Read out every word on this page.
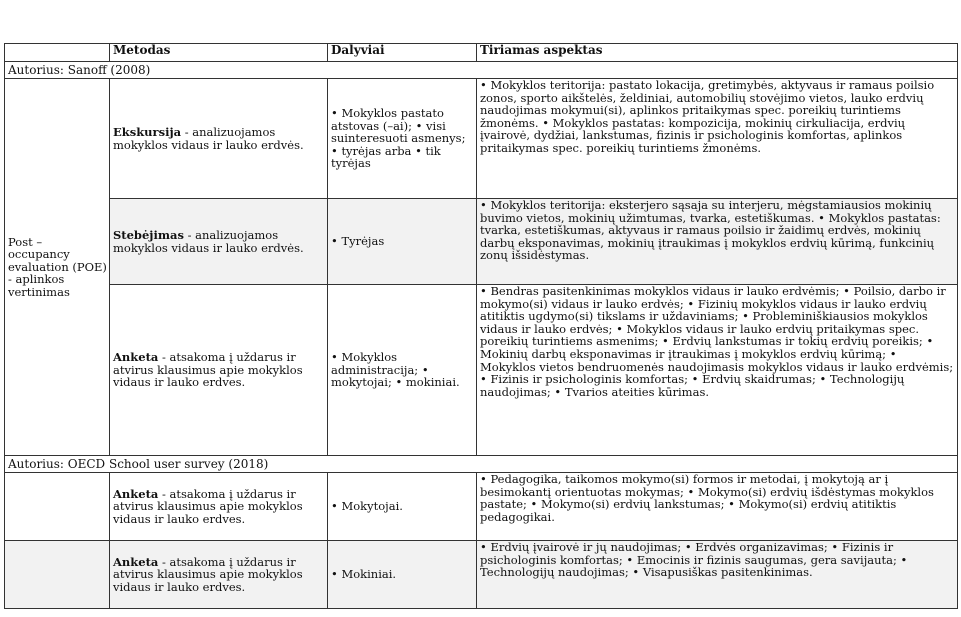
	Metodas	Dalyviai	Tiriamas aspektas
Autorius: Sanoff (2008)			
Post – occupancy evaluation (POE) - aplinkos vertinimas	Ekskursija - analizuojamos mokyklos vidaus ir lauko erdvės.	• Mokyklos pastato atstovas (–ai); • visi suinteresuoti asmenys; • tyrėjas arba • tik tyrėjas	• Mokyklos teritorija: pastato lokacija, gretimybės, aktyvaus ir ramaus poilsio zonos, sporto aikštelės, želdiniai, automobilių stovėjimo vietos, lauko erdvių naudojimas mokymui(si), aplinkos pritaikymas spec. poreikių turintiems žmonėms. • Mokyklos pastatas: kompozicija, mokinių cirkuliacija, erdvių įvairovė, dydžiai, lankstumas, fizinis ir psichologinis komfortas, aplinkos pritaikymas spec. poreikių turintiems žmonėms.
	Stebėjimas - analizuojamos mokyklos vidaus ir lauko erdvės.	• Tyrėjas	• Mokyklos teritorija: eksterjero sąsaja su interjeru, mėgstamiausios mokinių buvimo vietos, mokinių užimtumas, tvarka, estetiškumas. • Mokyklos pastatas: tvarka, estetiškumas, aktyvaus ir ramaus poilsio ir žaidimų erdvės, mokinių darbų eksponavimas, mokinių įtraukimas į mokyklos erdvių kūrimą, funkcinių zonų išsidėstymas.
	Anketa - atsakoma į uždarus ir atvirus klausimus apie mokyklos vidaus ir lauko erdves.	• Mokyklos administracija; • mokytojai; • mokiniai.	• Bendras pasitenkinimas mokyklos vidaus ir lauko erdvėmis; • Poilsio, darbo ir mokymo(si) vidaus ir lauko erdvės; • Fizinių mokyklos vidaus ir lauko erdvių atitiktis ugdymo(si) tikslams ir uždaviniams; • Probleminiškiausios mokyklos vidaus ir lauko erdvės; • Mokyklos vidaus ir lauko erdvių pritaikymas spec. poreikių turintiems asmenims; • Erdvių lankstumas ir tokių erdvių poreikis; • Mokinių darbų eksponavimas ir įtraukimas į mokyklos erdvių kūrimą; • Mokyklos vietos bendruomenės naudojimasis mokyklos vidaus ir lauko erdvėmis; • Fizinis ir psichologinis komfortas; • Erdvių skaidrumas; • Technologijų naudojimas; • Tvarios ateities kūrimas.
Autorius: OECD School user survey (2018)			
	Anketa - atsakoma į uždarus ir atvirus klausimus apie mokyklos vidaus ir lauko erdves.	• Mokytojai.	• Pedagogika, taikomos mokymo(si) formos ir metodai, į mokytoją ar į besimokantį orientuotas mokymas; • Mokymo(si) erdvių išdėstymas mokyklos pastate; • Mokymo(si) erdvių lankstumas; • Mokymo(si) erdvių atitiktis pedagogikai.
	Anketa - atsakoma į uždarus ir atvirus klausimus apie mokyklos vidaus ir lauko erdves.	• Mokiniai.	• Erdvių įvairovė ir jų naudojimas; • Erdvės organizavimas; • Fizinis ir psichologinis komfortas; • Emocinis ir fizinis saugumas, gera savijauta; • Technologijų naudojimas; • Visapusiškas pasitenkinimas.
